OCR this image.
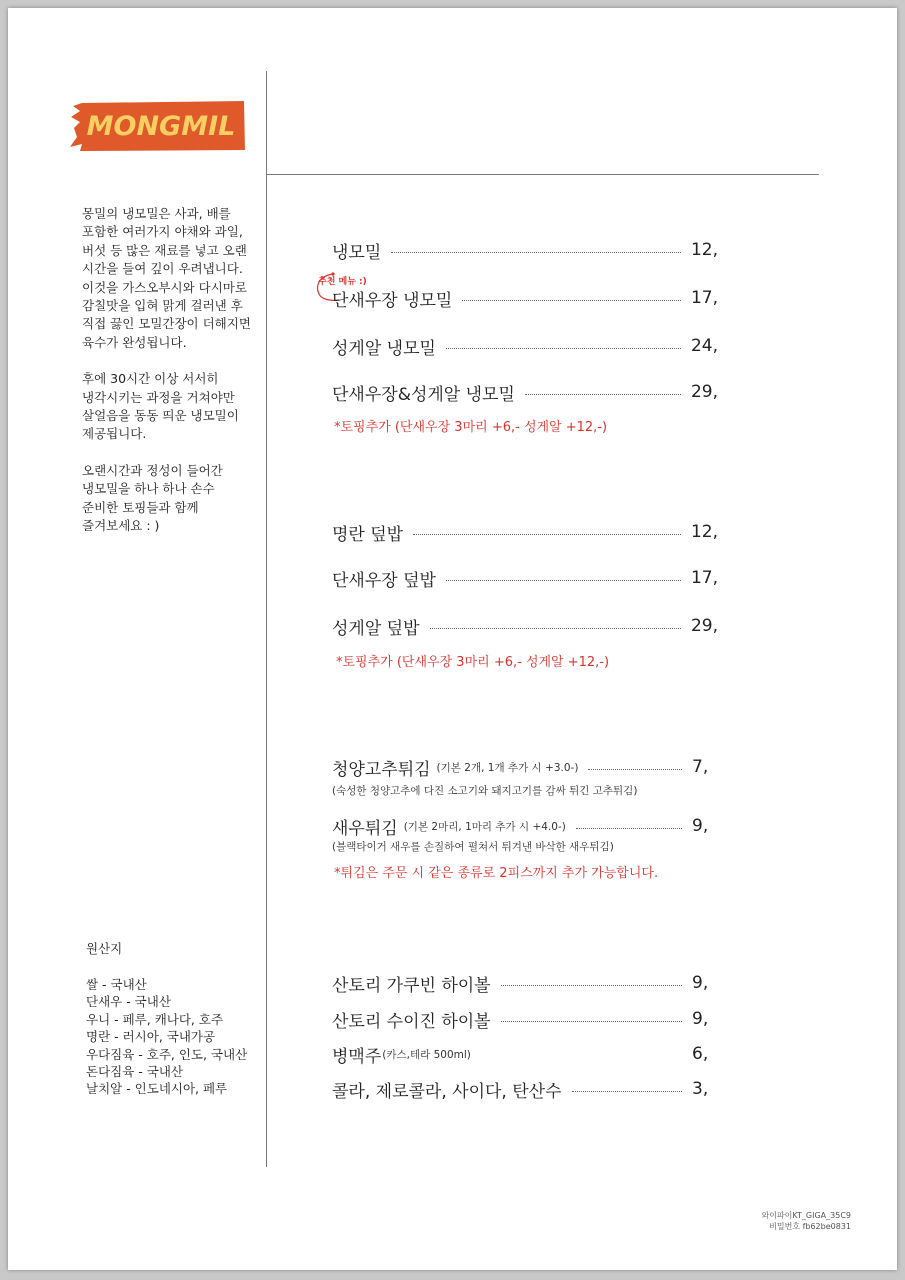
MONGMIL

몽밀의 냉모밀은 사과, 배를

포함한 여러가지 야채와 과일,

버섯 등 많은 재료를 넣고 오랜

시간을 들여 깊이 우려냅니다.

이것을 가스오부시와 다시마로

감칠맛을 입혀 맑게 걸러낸 후

직접 끓인 모밀간장이 더해지면

육수가 완성됩니다.

후에 30시간 이상 서서히

냉각시키는 과정을 거쳐야만

살얼음을 동동 띄운 냉모밀이

제공됩니다.

오랜시간과 정성이 들어간

냉모밀을 하나 하나 손수

준비한 토핑들과 함께

즐겨보세요 : )

추천 메뉴 :)
냉모밀	12,
단새우장 냉모밀	17,
성게알 냉모밀	24,
단새우장&성게알 냉모밀	29,
*토핑추가 (단새우장 3마리 +6,- 성게알 +12,-)
명란 덮밥	12,
단새우장 덮밥	17,
성게알 덮밥	29,
*토핑추가 (단새우장 3마리 +6,- 성게알 +12,-)
청양고추튀김 (기본 2개, 1개 추가 시 +3.0-)	7,
(숙성한 청양고추에 다진 소고기와 돼지고기를 감싸 튀긴 고추튀김)
새우튀김 (기본 2마리, 1마리 추가 시 +4.0-)	9,
(블랙타이거 새우를 손질하여 펼쳐서 튀겨낸 바삭한 새우튀김)
*튀김은 주문 시 같은 종류로 2피스까지 추가 가능합니다.
산토리 가쿠빈 하이볼	9,
산토리 수이진 하이볼	9,
병맥주 (카스,테라 500ml)	6,
콜라, 제로콜라, 사이다, 탄산수	3,
원산지
쌀 - 국내산
단새우 - 국내산
우니 - 페루, 캐나다, 호주
명란 - 러시아, 국내가공
우다짐육 - 호주, 인도, 국내산
돈다짐육 - 국내산
날치알 - 인도네시아, 페루
와이파이KT_GIGA_35C9
비밀번호 fb62be0831
